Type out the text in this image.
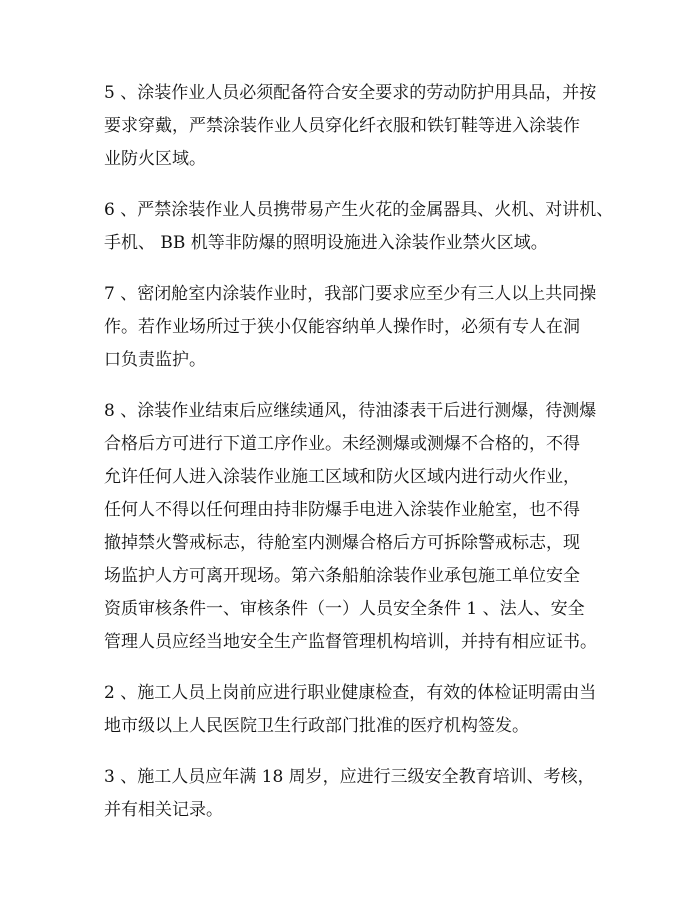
5 、涂装作业人员必须配备符合安全要求的劳动防护用具品，并按
要求穿戴，严禁涂装作业人员穿化纤衣服和铁钉鞋等进入涂装作
业防火区域。
6 、严禁涂装作业人员携带易产生火花的金属器具、火机、对讲机、
手机、 BB 机等非防爆的照明设施进入涂装作业禁火区域。
7 、密闭舱室内涂装作业时，我部门要求应至少有三人以上共同操
作。若作业场所过于狭小仅能容纳单人操作时，必须有专人在洞
口负责监护。
8 、涂装作业结束后应继续通风，待油漆表干后进行测爆，待测爆
合格后方可进行下道工序作业。未经测爆或测爆不合格的，不得
允许任何人进入涂装作业施工区域和防火区域内进行动火作业，
任何人不得以任何理由持非防爆手电进入涂装作业舱室，也不得
撤掉禁火警戒标志，待舱室内测爆合格后方可拆除警戒标志，现
场监护人方可离开现场。第六条船舶涂装作业承包施工单位安全
资质审核条件一、审核条件（一）人员安全条件 1 、法人、安全
管理人员应经当地安全生产监督管理机构培训，并持有相应证书。
2 、施工人员上岗前应进行职业健康检查，有效的体检证明需由当
地市级以上人民医院卫生行政部门批准的医疗机构签发。
3 、施工人员应年满 18 周岁，应进行三级安全教育培训、考核，
并有相关记录。
